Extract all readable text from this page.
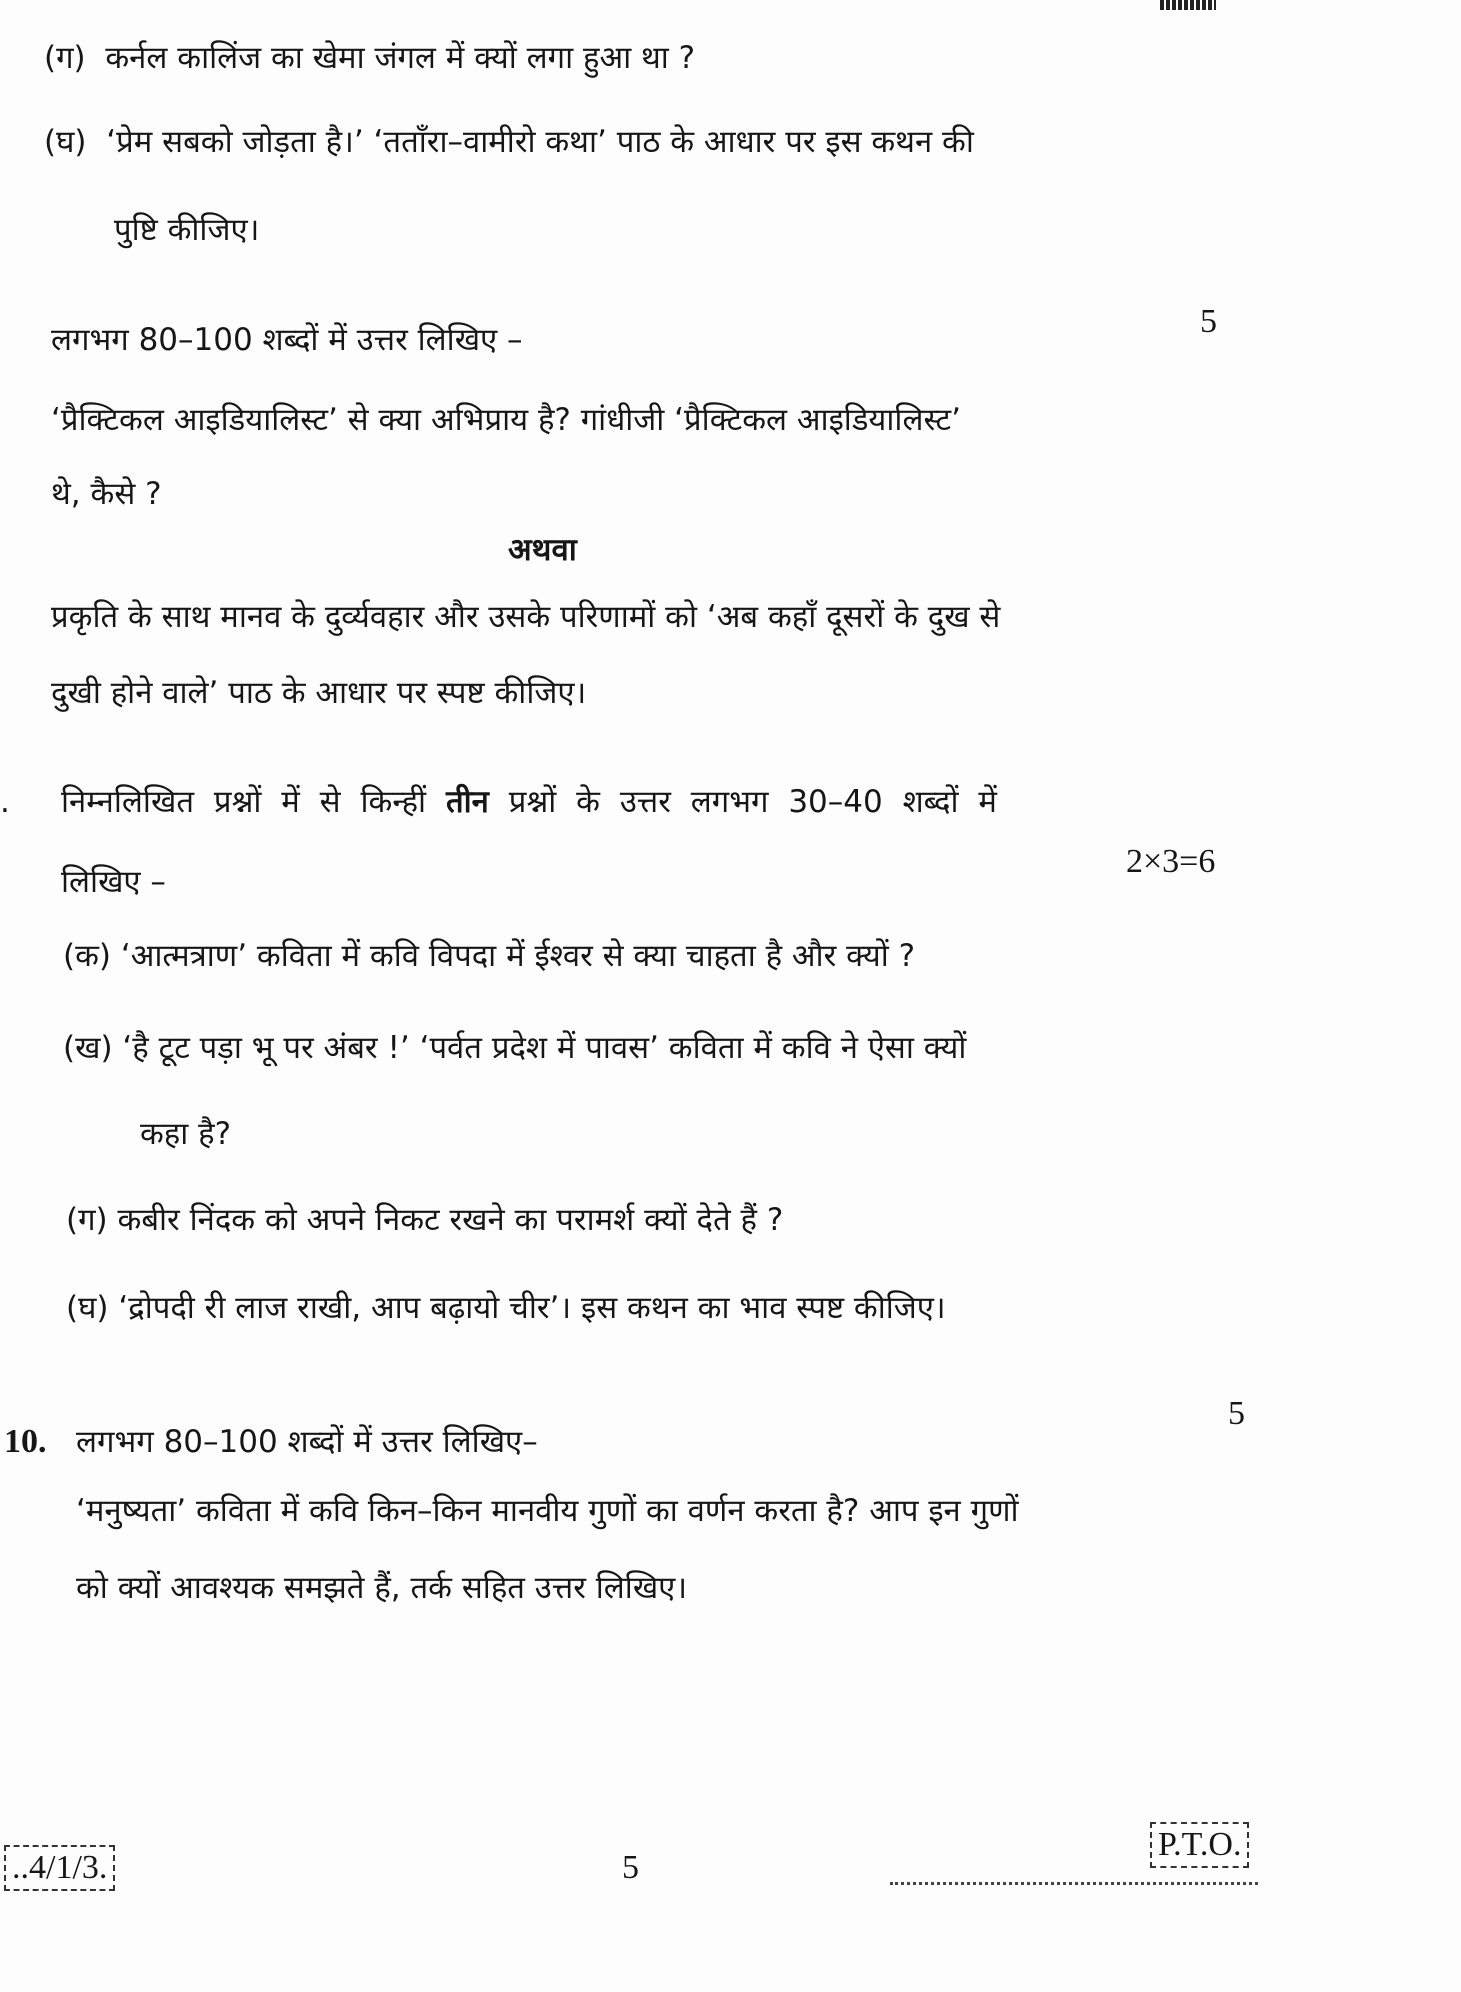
(ग) कर्नल कालिंज का खेमा जंगल में क्यों लगा हुआ था ?
(घ) ‘प्रेम सबको जोड़ता है।’ ‘तताँरा–वामीरो कथा’ पाठ के आधार पर इस कथन की
पुष्टि कीजिए।
लगभग 80–100 शब्दों में उत्तर लिखिए –	5
‘प्रैक्टिकल आइडियालिस्ट’ से क्या अभिप्राय है? गांधीजी ‘प्रैक्टिकल आइडियालिस्ट’
थे, कैसे ?
अथवा
प्रकृति के साथ मानव के दुर्व्यवहार और उसके परिणामों को ‘अब कहाँ दूसरों के दुख से
दुखी होने वाले’ पाठ के आधार पर स्पष्ट कीजिए।
. निम्नलिखित प्रश्नों में से किन्हीं तीन प्रश्नों के उत्तर लगभग 30–40 शब्दों में
लिखिए –
2×3=6
(क) ‘आत्मत्राण’ कविता में कवि विपदा में ईश्वर से क्या चाहता है और क्यों ?
(ख) ‘है टूट पड़ा भू पर अंबर !’ ‘पर्वत प्रदेश में पावस’ कविता में कवि ने ऐसा क्यों
कहा है?
(ग) कबीर निंदक को अपने निकट रखने का परामर्श क्यों देते हैं ?
(घ) ‘द्रोपदी री लाज राखी, आप बढ़ायो चीर’। इस कथन का भाव स्पष्ट कीजिए।
10. लगभग 80–100 शब्दों में उत्तर लिखिए–
5
‘मनुष्यता’ कविता में कवि किन–किन मानवीय गुणों का वर्णन करता है? आप इन गुणों
को क्यों आवश्यक समझते हैं, तर्क सहित उत्तर लिखिए।
..4/1/3.	5
P.T.O.
